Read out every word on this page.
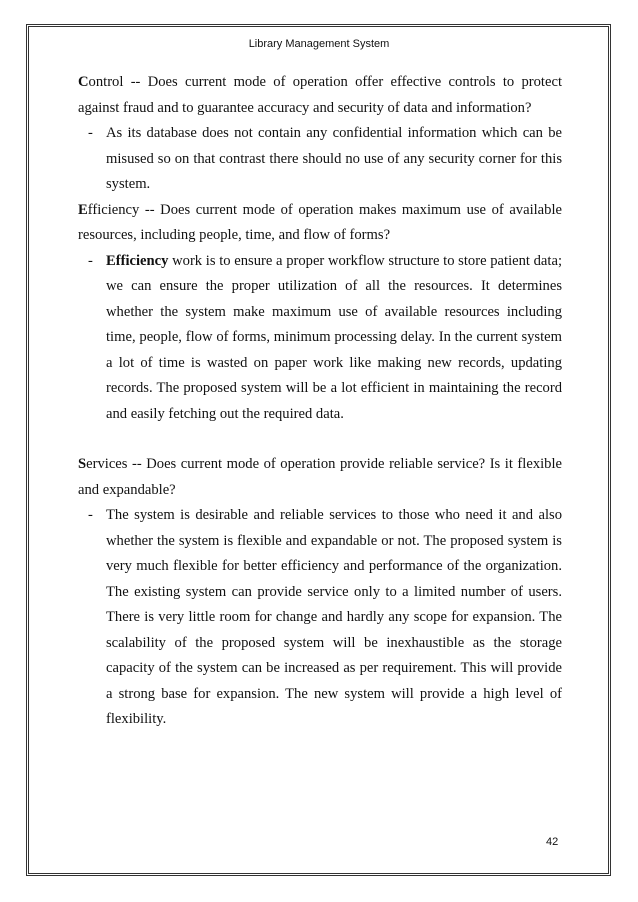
Library Management System

Control -- Does current mode of operation offer effective controls to protect against fraud and to guarantee accuracy and security of data and information?

- As its database does not contain any confidential information which can be misused so on that contrast there should no use of any security corner for this system.

Efficiency -- Does current mode of operation makes maximum use of available resources, including people, time, and flow of forms?

- Efficiency work is to ensure a proper workflow structure to store patient data; we can ensure the proper utilization of all the resources. It determines whether the system make maximum use of available resources including time, people, flow of forms, minimum processing delay. In the current system a lot of time is wasted on paper work like making new records, updating records. The proposed system will be a lot efficient in maintaining the record and easily fetching out the required data.

Services -- Does current mode of operation provide reliable service? Is it flexible and expandable?

- The system is desirable and reliable services to those who need it and also whether the system is flexible and expandable or not. The proposed system is very much flexible for better efficiency and performance of the organization. The existing system can provide service only to a limited number of users. There is very little room for change and hardly any scope for expansion. The scalability of the proposed system will be inexhaustible as the storage capacity of the system can be increased as per requirement. This will provide a strong base for expansion. The new system will provide a high level of flexibility.

42
